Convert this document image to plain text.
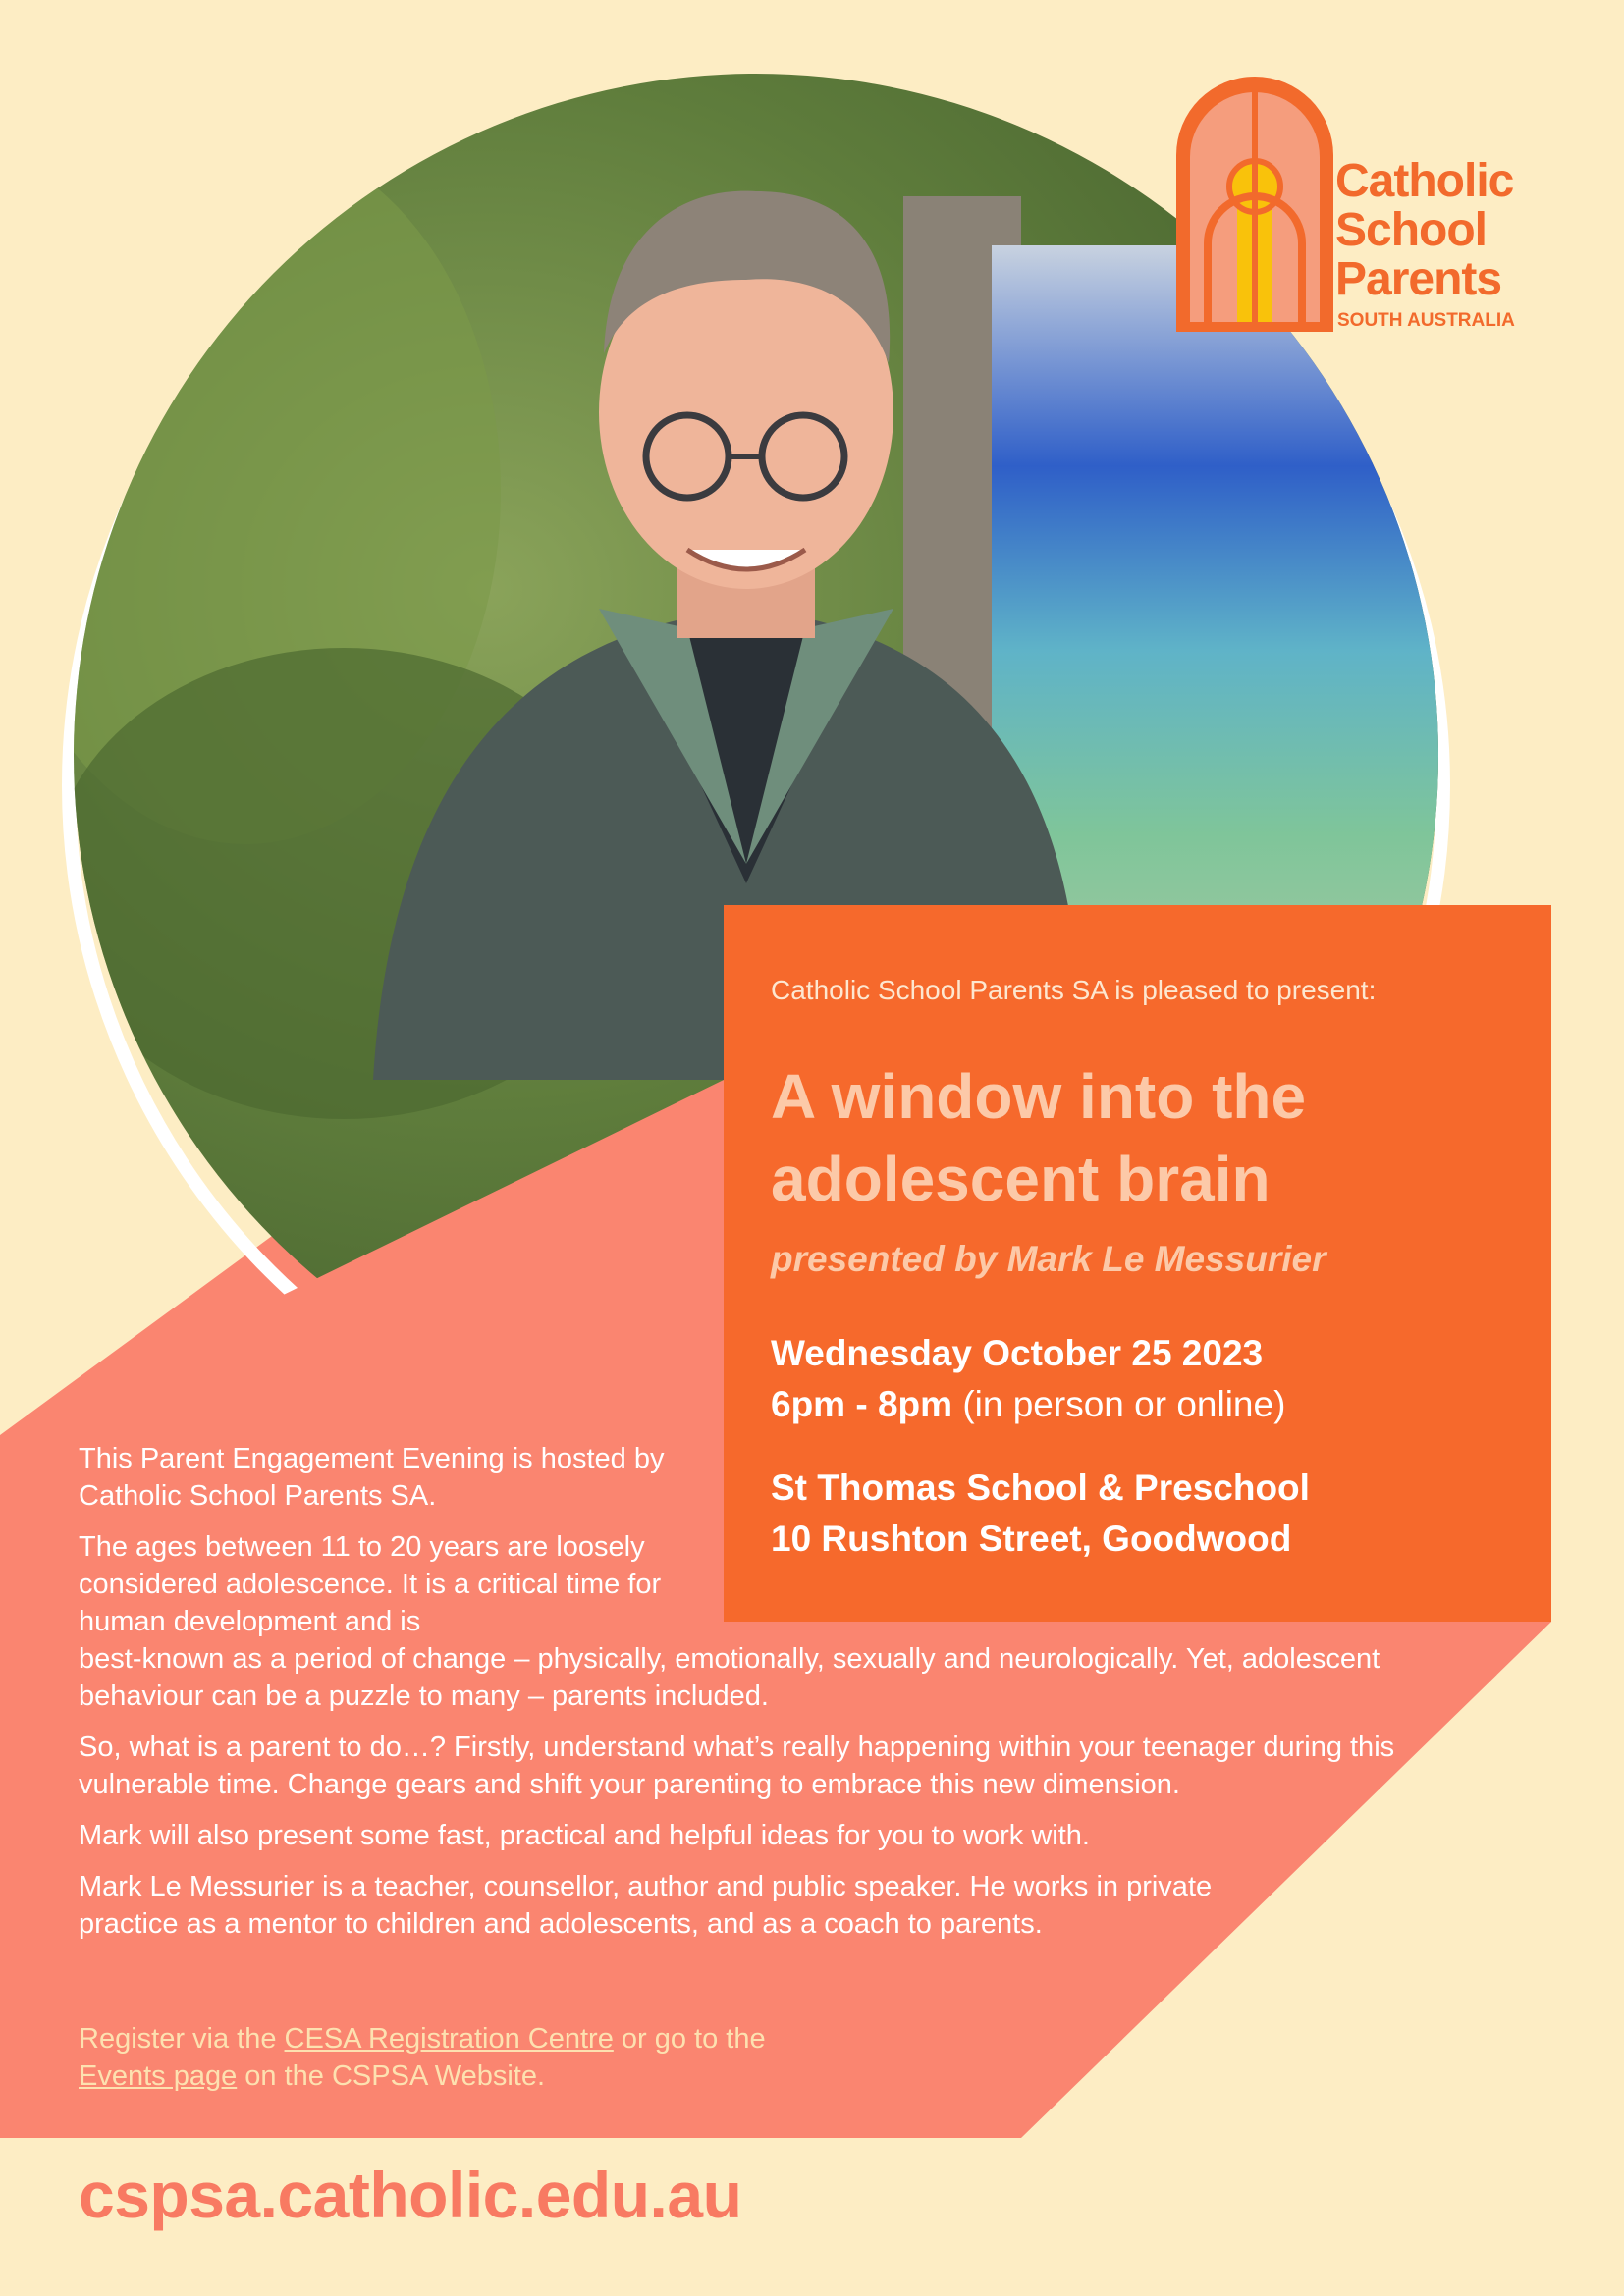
Catholic
School
Parents
SOUTH AUSTRALIA
Catholic School Parents SA is pleased to present:
A window into the
adolescent brain
presented by Mark Le Messurier
Wednesday October 25 2023
6pm - 8pm (in person or online)
St Thomas School & Preschool
10 Rushton Street, Goodwood

This Parent Engagement Evening is hosted by Catholic School Parents SA.

The ages between 11 to 20 years are loosely considered adolescence. It is a critical time for human development and is
best-known as a period of change – physically, emotionally, sexually and neurologically. Yet, adolescent behaviour can be a puzzle to many – parents included.

So, what is a parent to do…? Firstly, understand what’s really happening within your teenager during this vulnerable time. Change gears and shift your parenting to embrace this new dimension.

Mark will also present some fast, practical and helpful ideas for you to work with.

Mark Le Messurier is a teacher, counsellor, author and public speaker. He works in private practice as a mentor to children and adolescents, and as a coach to parents.

Register via the CESA Registration Centre or go to the
Events page on the CSPSA Website.
cspsa.catholic.edu.au
